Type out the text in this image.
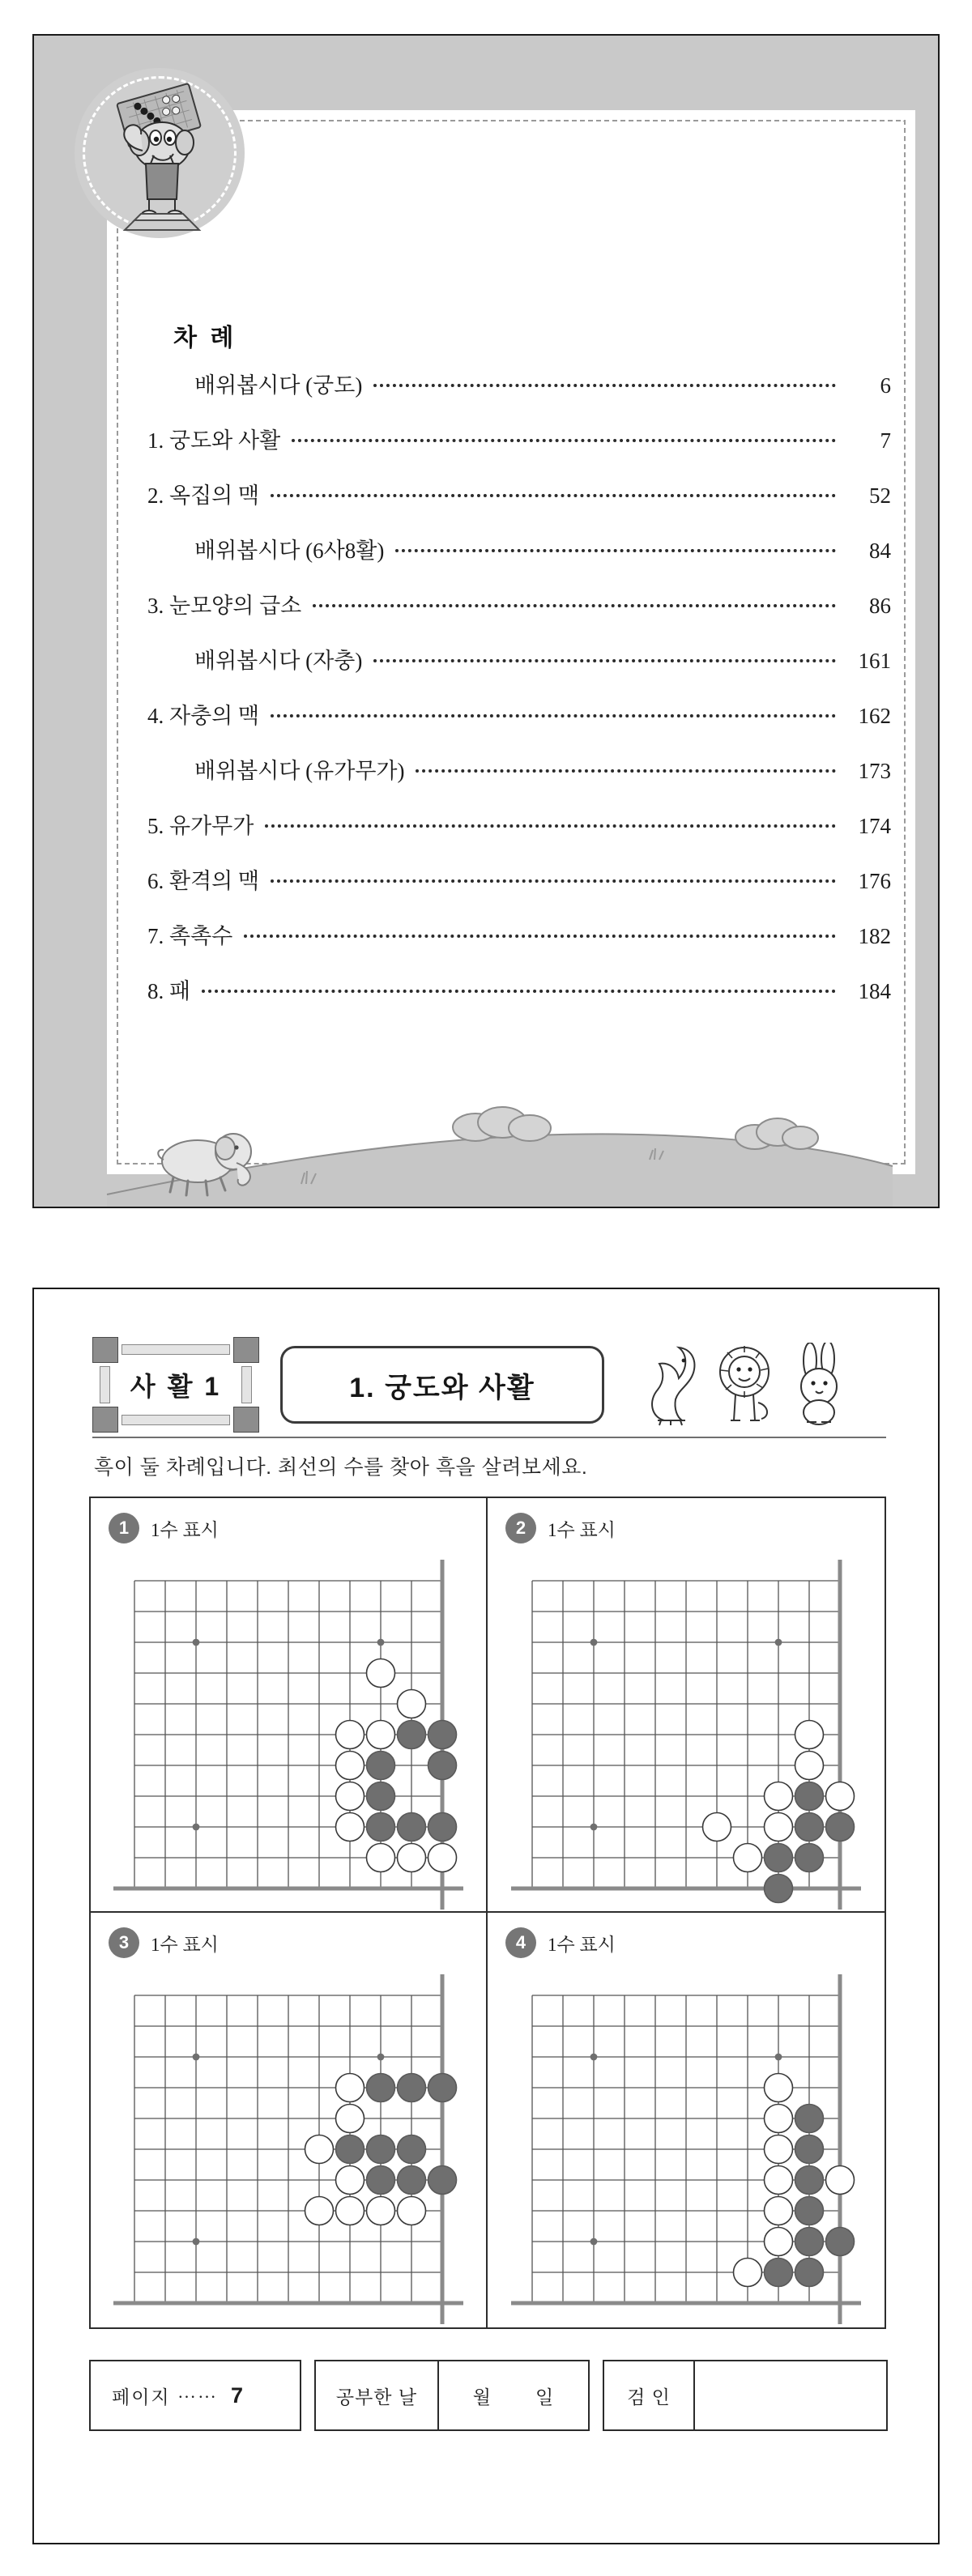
차 례
배위봅시다 (궁도)	6
1. 궁도와 사활	7
2. 옥집의 맥	52
배위봅시다 (6사8활)	84
3. 눈모양의 급소	86
배위봅시다 (자충)	161
4. 자충의 맥	162
배위봅시다 (유가무가)	173
5. 유가무가	174
6. 환격의 맥	176
7. 촉촉수	182
8. 패	184
사 활 1	1. 궁도와 사활
흑이 둘 차례입니다. 최선의 수를 찾아 흑을 살려보세요.
1	1수 표시	2	1수 표시
3	1수 표시	4	1수 표시
페이지 ⋯⋯ 7	공부한 날	월 일	검 인
